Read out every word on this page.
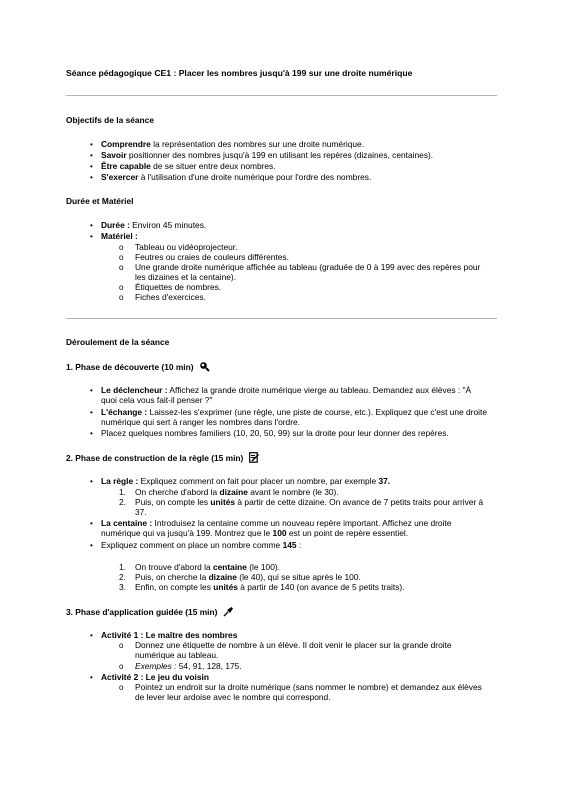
Séance pédagogique CE1 : Placer les nombres jusqu'à 199 sur une droite numérique
Objectifs de la séance
• Comprendre la représentation des nombres sur une droite numérique.
• Savoir positionner des nombres jusqu'à 199 en utilisant les repères (dizaines, centaines).
• Être capable de se situer entre deux nombres.
• S'exercer à l'utilisation d'une droite numérique pour l'ordre des nombres.
Durée et Matériel
• Durée : Environ 45 minutes.
• Matériel :
o Tableau ou vidéoprojecteur.
o Feutres ou craies de couleurs différentes.
o Une grande droite numérique affichée au tableau (graduée de 0 à 199 avec des repères pour
les dizaines et la centaine).
o Étiquettes de nombres.
o Fiches d'exercices.
Déroulement de la séance
1. Phase de découverte (10 min)
• Le déclencheur : Affichez la grande droite numérique vierge au tableau. Demandez aux élèves : "À
quoi cela vous fait-il penser ?"
• L'échange : Laissez-les s'exprimer (une règle, une piste de course, etc.). Expliquez que c'est une droite
numérique qui sert à ranger les nombres dans l'ordre.
• Placez quelques nombres familiers (10, 20, 50, 99) sur la droite pour leur donner des repères.
2. Phase de construction de la règle (15 min)
• La règle : Expliquez comment on fait pour placer un nombre, par exemple 37.
1. On cherche d'abord la dizaine avant le nombre (le 30).
2. Puis, on compte les unités à partir de cette dizaine. On avance de 7 petits traits pour arriver à
37.
• La centaine : Introduisez la centaine comme un nouveau repère important. Affichez une droite
numérique qui va jusqu'à 199. Montrez que le 100 est un point de repère essentiel.
• Expliquez comment on place un nombre comme 145 :
1. On trouve d'abord la centaine (le 100).
2. Puis, on cherche la dizaine (le 40), qui se situe après le 100.
3. Enfin, on compte les unités à partir de 140 (on avance de 5 petits traits).
3. Phase d'application guidée (15 min)
• Activité 1 : Le maître des nombres
o Donnez une étiquette de nombre à un élève. Il doit venir le placer sur la grande droite
numérique au tableau.
o Exemples : 54, 91, 128, 175.
• Activité 2 : Le jeu du voisin
o Pointez un endroit sur la droite numérique (sans nommer le nombre) et demandez aux élèves
de lever leur ardoise avec le nombre qui correspond.
